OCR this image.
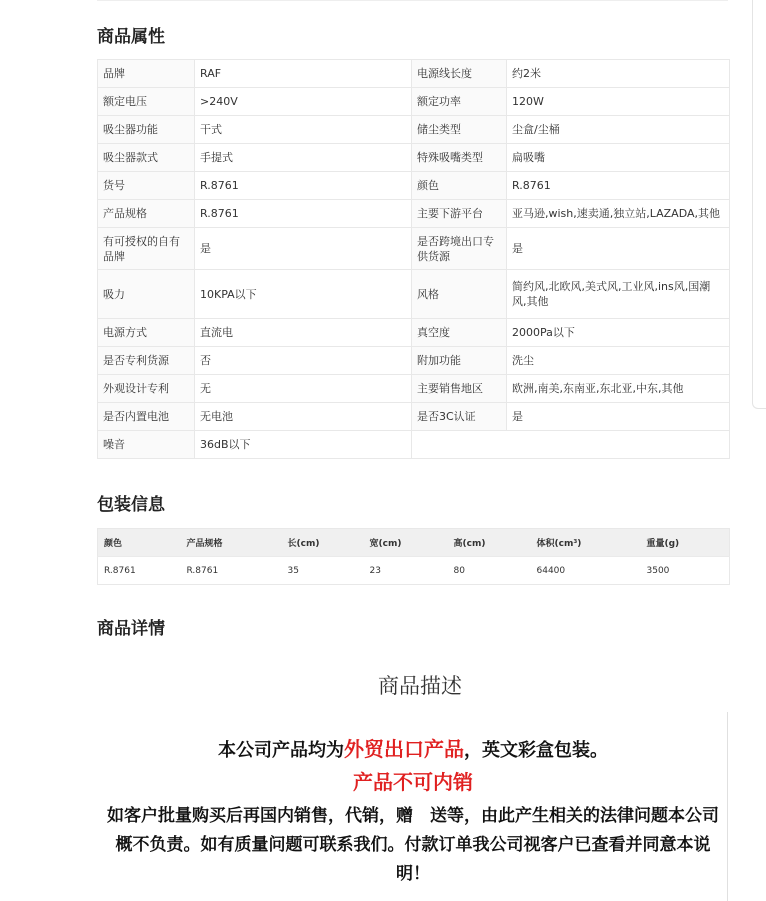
商品属性
品牌	RAF	电源线长度	约2米
额定电压	>240V	额定功率	120W
吸尘器功能	干式	储尘类型	尘盒/尘桶
吸尘器款式	手提式	特殊吸嘴类型	扁吸嘴
货号	R.8761	颜色	R.8761
产品规格	R.8761	主要下游平台	亚马逊,wish,速卖通,独立站,LAZADA,其他
有可授权的自有品牌	是	是否跨境出口专供货源	是
吸力	10KPA以下	风格	简约风,北欧风,美式风,工业风,ins风,国潮风,其他
电源方式	直流电	真空度	2000Pa以下
是否专利货源	否	附加功能	洗尘
外观设计专利	无	主要销售地区	欧洲,南美,东南亚,东北亚,中东,其他
是否内置电池	无电池	是否3C认证	是
噪音	36dB以下		
包装信息
颜色	产品规格	长(cm)	宽(cm)	高(cm)	体积(cm³)	重量(g)
R.8761	R.8761	35	23	80	64400	3500
商品详情
商品描述

本公司产品均为外贸出口产品，英文彩盒包装。

产品不可内销

如客户批量购买后再国内销售，代销，赠　送等，由此产生相关的法律问题本公司概不负责。如有质量问题可联系我们。付款订单我公司视客户已查看并同意本说明！
